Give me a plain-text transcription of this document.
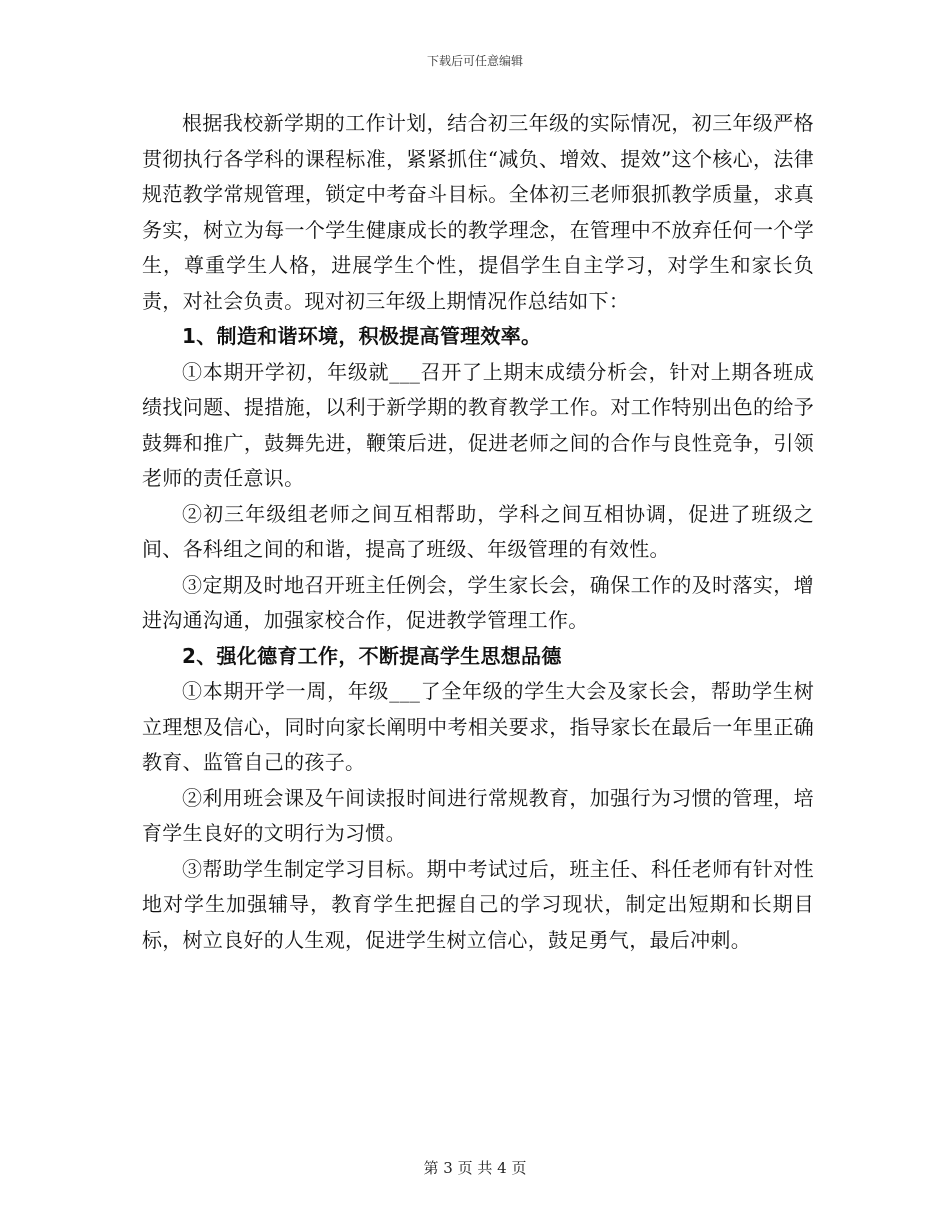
下载后可任意编辑

根据我校新学期的工作计划，结合初三年级的实际情况，初三年级严格贯彻执行各学科的课程标准，紧紧抓住“减负、增效、提效”这个核心，法律规范教学常规管理，锁定中考奋斗目标。全体初三老师狠抓教学质量，求真务实，树立为每一个学生健康成长的教学理念，在管理中不放弃任何一个学生，尊重学生人格，进展学生个性，提倡学生自主学习，对学生和家长负责，对社会负责。现对初三年级上期情况作总结如下：

1、制造和谐环境，积极提高管理效率。

①本期开学初，年级就___召开了上期末成绩分析会，针对上期各班成绩找问题、提措施，以利于新学期的教育教学工作。对工作特别出色的给予鼓舞和推广，鼓舞先进，鞭策后进，促进老师之间的合作与良性竞争，引领老师的责任意识。

②初三年级组老师之间互相帮助，学科之间互相协调，促进了班级之间、各科组之间的和谐，提高了班级、年级管理的有效性。

③定期及时地召开班主任例会，学生家长会，确保工作的及时落实，增进沟通沟通，加强家校合作，促进教学管理工作。

2、强化德育工作，不断提高学生思想品德

①本期开学一周，年级___了全年级的学生大会及家长会，帮助学生树立理想及信心，同时向家长阐明中考相关要求，指导家长在最后一年里正确教育、监管自己的孩子。

②利用班会课及午间读报时间进行常规教育，加强行为习惯的管理，培育学生良好的文明行为习惯。

③帮助学生制定学习目标。期中考试过后，班主任、科任老师有针对性地对学生加强辅导，教育学生把握自己的学习现状，制定出短期和长期目标，树立良好的人生观，促进学生树立信心，鼓足勇气，最后冲刺。

第 3 页 共 4 页
